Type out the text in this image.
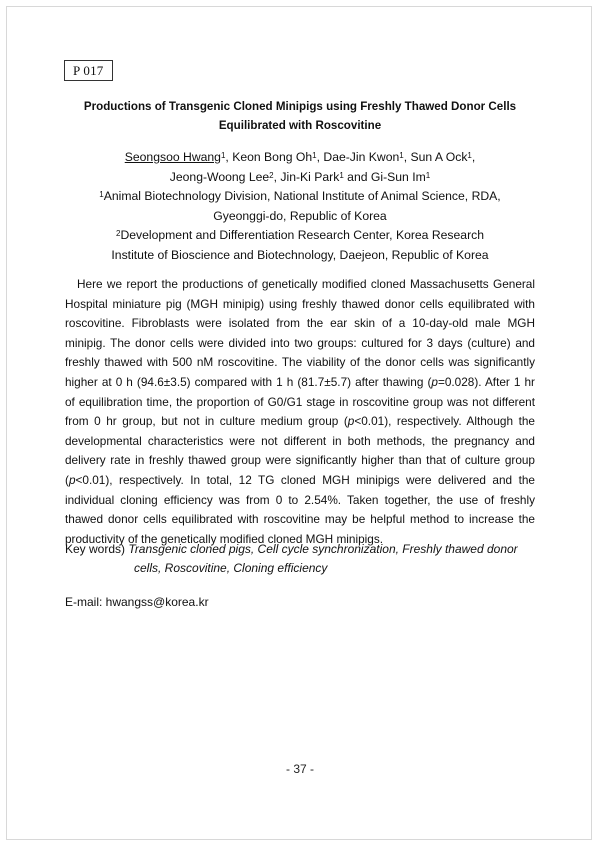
P 017
Productions of Transgenic Cloned Minipigs using Freshly Thawed Donor Cells
Equilibrated with Roscovitine
Seongsoo Hwang$^1$, Keon Bong Oh$^1$, Dae-Jin Kwon$^1$, Sun A Ock$^1$,
Jeong-Woong Lee$^2$, Jin-Ki Park$^1$ and Gi-Sun Im$^1$
$^1$Animal Biotechnology Division, National Institute of Animal Science, RDA,
Gyeonggi-do, Republic of Korea
$^2$Development and Differentiation Research Center, Korea Research
Institute of Bioscience and Biotechnology, Daejeon, Republic of Korea

Here we report the productions of genetically modified cloned Massachusetts General Hospital miniature pig (MGH minipig) using freshly thawed donor cells equilibrated with roscovitine. Fibroblasts were isolated from the ear skin of a 10-day-old male MGH minipig. The donor cells were divided into two groups: cultured for 3 days (culture) and freshly thawed with 500 nM roscovitine. The viability of the donor cells was significantly higher at 0 h (94.6±3.5) compared with 1 h (81.7±5.7) after thawing (p=0.028). After 1 hr of equilibration time, the proportion of G0/G1 stage in roscovitine group was not different from 0 hr group, but not in culture medium group (p<0.01), respectively. Although the developmental characteristics were not different in both methods, the pregnancy and delivery rate in freshly thawed group were significantly higher than that of culture group (p<0.01), respectively. In total, 12 TG cloned MGH minipigs were delivered and the individual cloning efficiency was from 0 to 2.54%. Taken together, the use of freshly thawed donor cells equilibrated with roscovitine may be helpful method to increase the productivity of the genetically modified cloned MGH minipigs.

Key words) Transgenic cloned pigs, Cell cycle synchronization, Freshly thawed donor
cells, Roscovitine, Cloning efficiency
E-mail: hwangss@korea.kr
- 37 -
